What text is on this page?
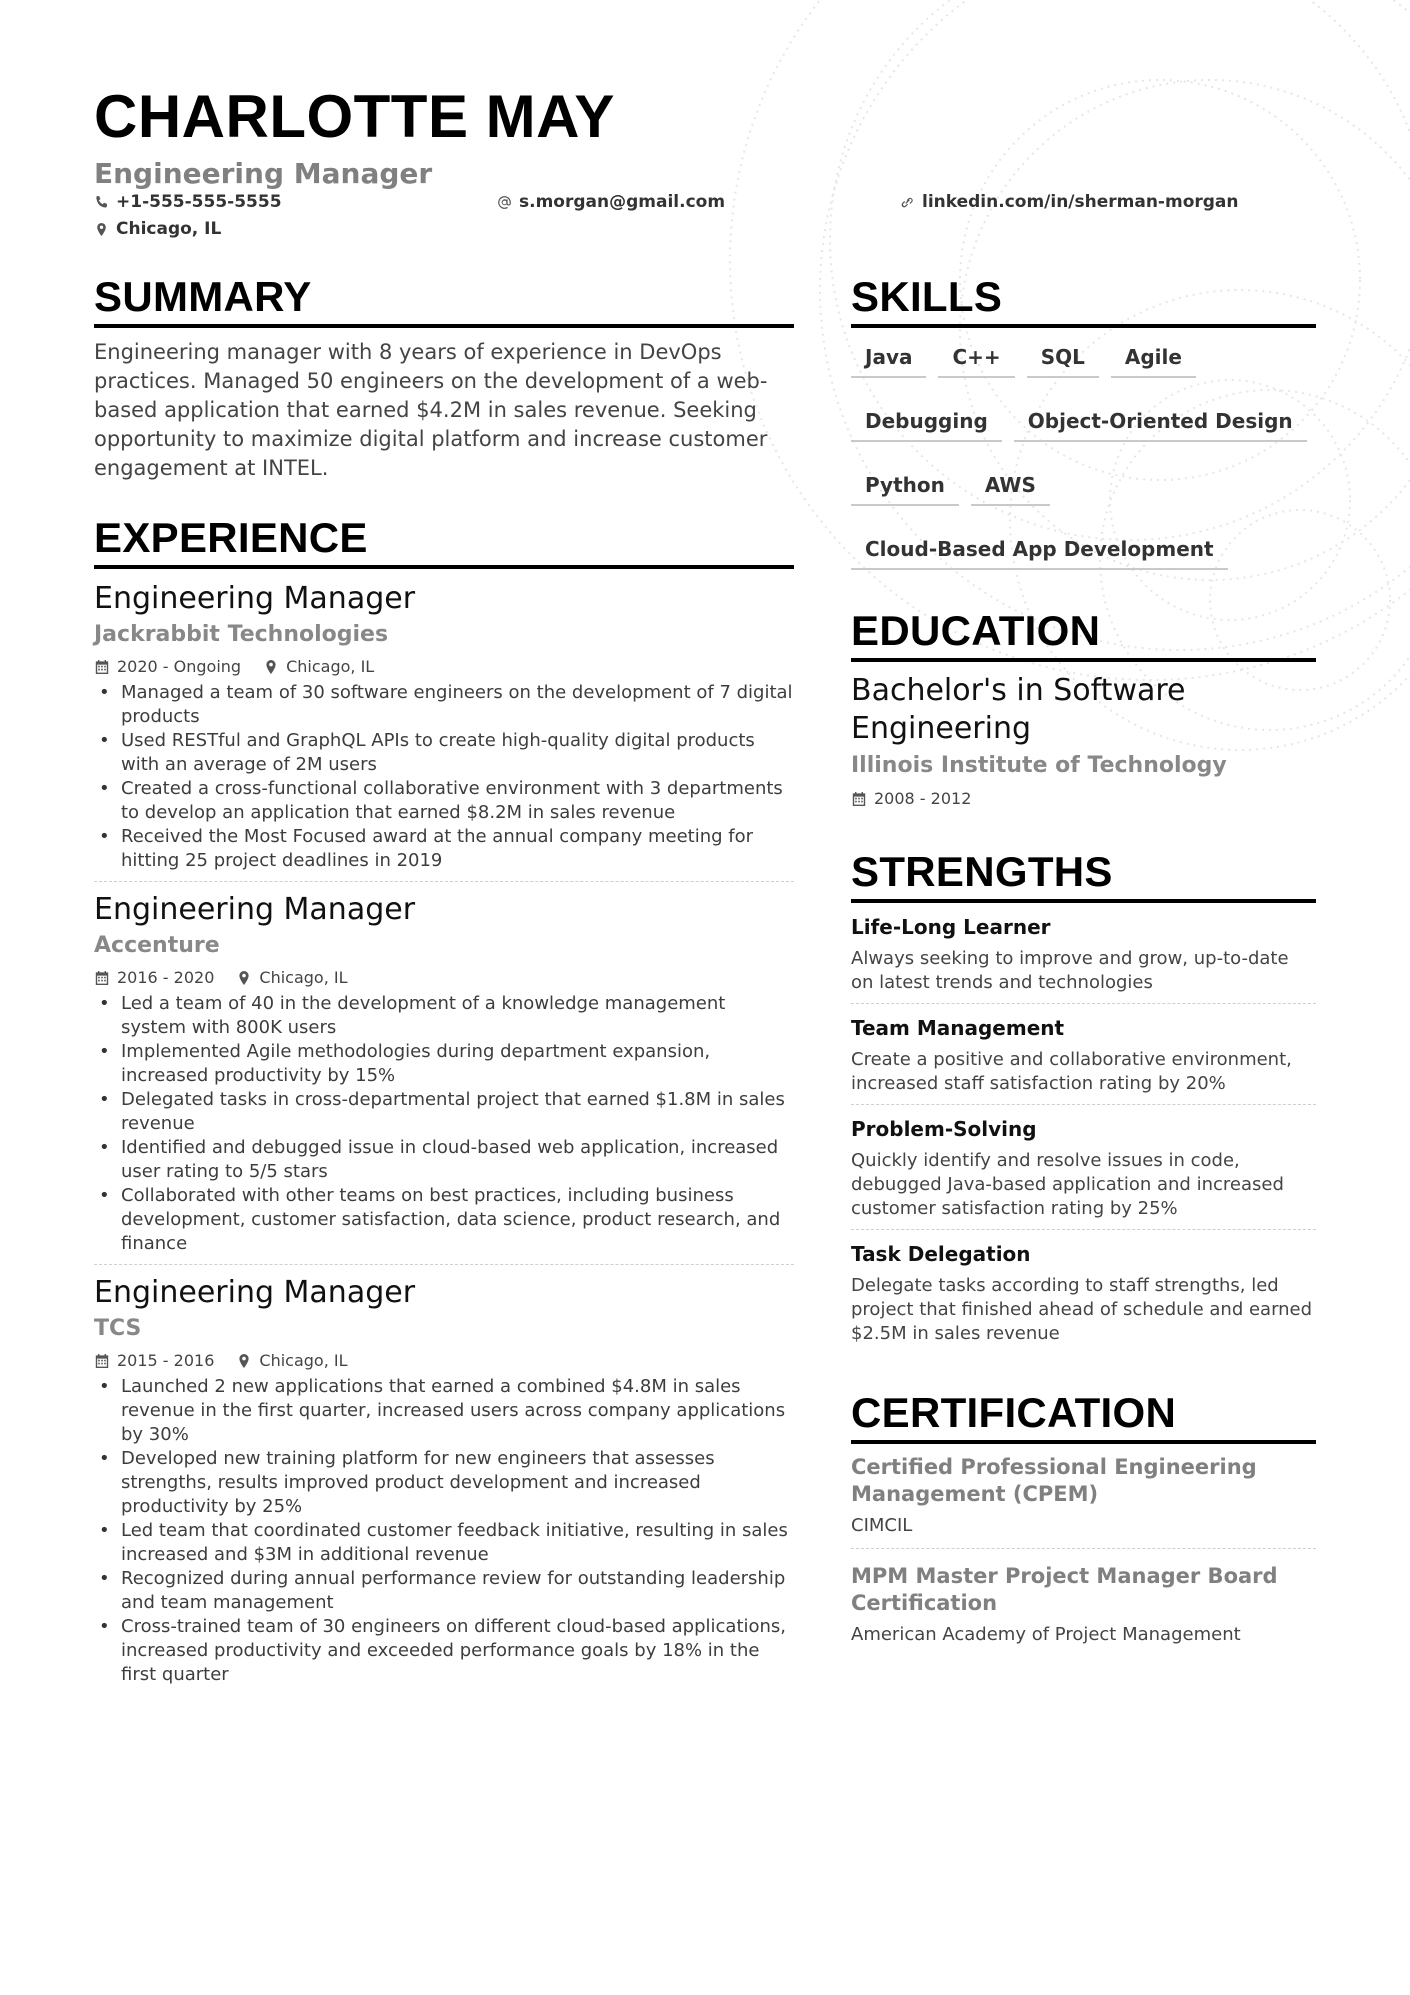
CHARLOTTE MAY
Engineering Manager
+1-555-555-5555	s.morgan@gmail.com	linkedin.com/in/sherman-morgan
Chicago, IL
SUMMARY
Engineering manager with 8 years of experience in DevOps practices. Managed 50 engineers on the development of a web-based application that earned $4.2M in sales revenue. Seeking opportunity to maximize digital platform and increase customer engagement at INTEL.
EXPERIENCE
Engineering Manager
Jackrabbit Technologies
2020 - Ongoing	Chicago, IL
• Managed a team of 30 software engineers on the development of 7 digital products
• Used RESTful and GraphQL APIs to create high-quality digital products with an average of 2M users
• Created a cross-functional collaborative environment with 3 departments to develop an application that earned $8.2M in sales revenue
• Received the Most Focused award at the annual company meeting for hitting 25 project deadlines in 2019
Engineering Manager
Accenture
2016 - 2020	Chicago, IL
• Led a team of 40 in the development of a knowledge management system with 800K users
• Implemented Agile methodologies during department expansion, increased productivity by 15%
• Delegated tasks in cross-departmental project that earned $1.8M in sales revenue
• Identified and debugged issue in cloud-based web application, increased user rating to 5/5 stars
• Collaborated with other teams on best practices, including business development, customer satisfaction, data science, product research, and finance
Engineering Manager
TCS
2015 - 2016	Chicago, IL
• Launched 2 new applications that earned a combined $4.8M in sales revenue in the first quarter, increased users across company applications by 30%
• Developed new training platform for new engineers that assesses strengths, results improved product development and increased productivity by 25%
• Led team that coordinated customer feedback initiative, resulting in sales increased and $3M in additional revenue
• Recognized during annual performance review for outstanding leadership and team management
• Cross-trained team of 30 engineers on different cloud-based applications, increased productivity and exceeded performance goals by 18% in the first quarter
SKILLS
Java	C++	SQL	Agile
Debugging	Object-Oriented Design
Python	AWS
Cloud-Based App Development
EDUCATION
Bachelor's in Software Engineering
Illinois Institute of Technology
2008 - 2012
STRENGTHS
Life-Long Learner
Always seeking to improve and grow, up-to-date on latest trends and technologies
Team Management
Create a positive and collaborative environment, increased staff satisfaction rating by 20%
Problem-Solving
Quickly identify and resolve issues in code, debugged Java-based application and increased customer satisfaction rating by 25%
Task Delegation
Delegate tasks according to staff strengths, led project that finished ahead of schedule and earned $2.5M in sales revenue
CERTIFICATION
Certified Professional Engineering Management (CPEM)
CIMCIL
MPM Master Project Manager Board Certification
American Academy of Project Management
